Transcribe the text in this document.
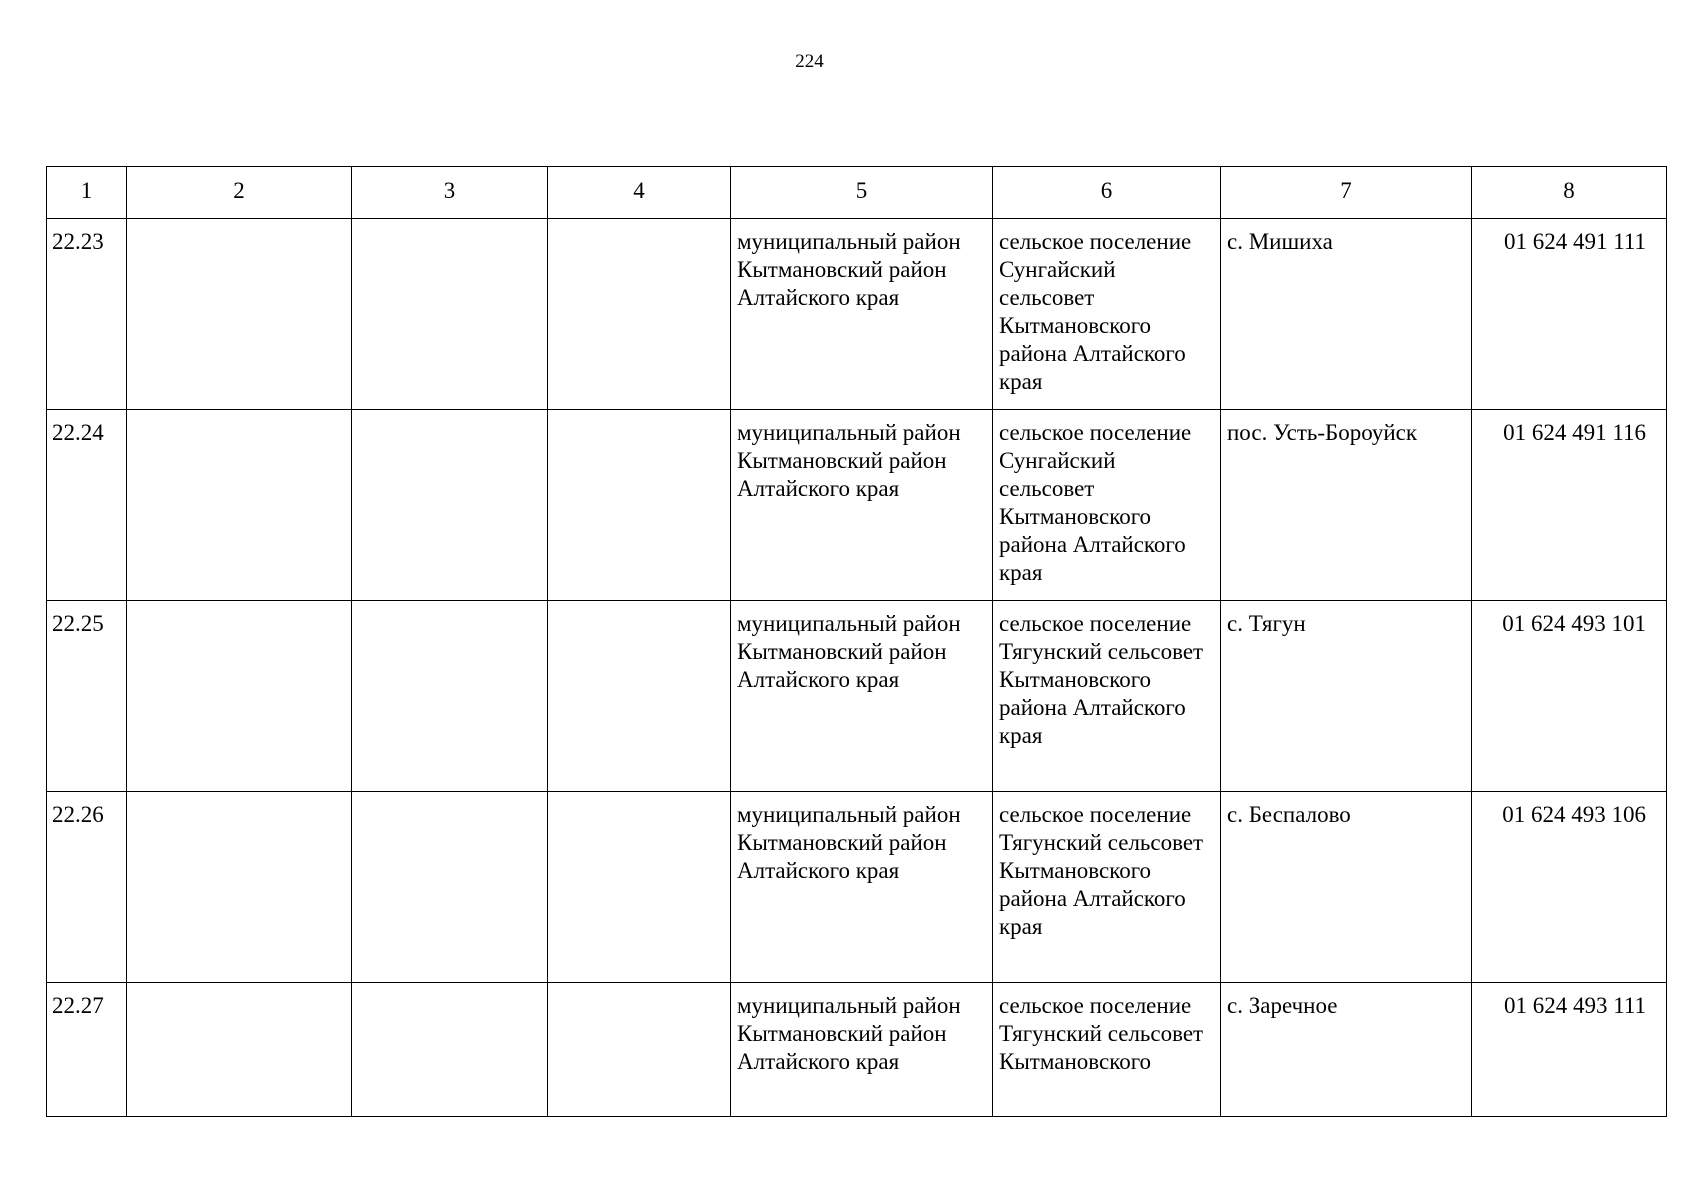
224
1	2	3	4	5	6	7	8
22.23				муниципальный район Кытмановский район Алтайского края	сельское поселение Сунгайский сельсовет Кытмановского района Алтайского края	с. Мишиха	01 624 491 111
22.24				муниципальный район Кытмановский район Алтайского края	сельское поселение Сунгайский сельсовет Кытмановского района Алтайского края	пос. Усть-Бороуйск	01 624 491 116
22.25				муниципальный район Кытмановский район Алтайского края	сельское поселение Тягунский сельсовет Кытмановского района Алтайского края	с. Тягун	01 624 493 101
22.26				муниципальный район Кытмановский район Алтайского края	сельское поселение Тягунский сельсовет Кытмановского района Алтайского края	с. Беспалово	01 624 493 106
22.27				муниципальный район Кытмановский район Алтайского края	сельское поселение Тягунский сельсовет Кытмановского	с. Заречное	01 624 493 111
